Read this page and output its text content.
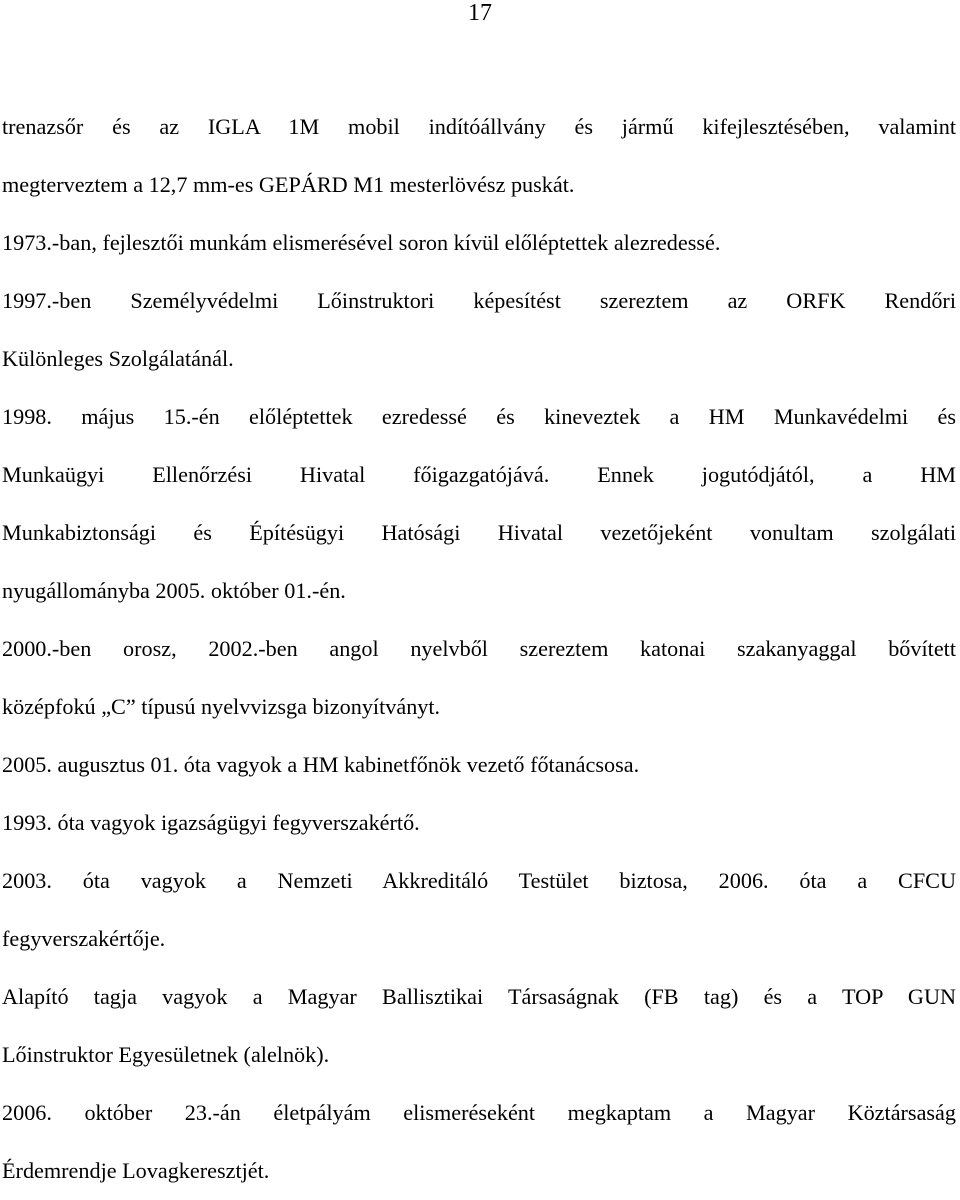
17

trenazsőr és az IGLA 1M mobil indítóállvány és jármű kifejlesztésében, valamint
megterveztem a 12,7 mm-es GEPÁRD M1 mesterlövész puskát.

1973.-ban, fejlesztői munkám elismerésével soron kívül előléptettek alezredessé.

1997.-ben Személyvédelmi Lőinstruktori képesítést szereztem az ORFK Rendőri
Különleges Szolgálatánál.

1998. május 15.-én előléptettek ezredessé és kineveztek a HM Munkavédelmi és
Munkaügyi Ellenőrzési Hivatal főigazgatójává. Ennek jogutódjától, a HM
Munkabiztonsági és Építésügyi Hatósági Hivatal vezetőjeként vonultam szolgálati
nyugállományba 2005. október 01.-én.

2000.-ben orosz, 2002.-ben angol nyelvből szereztem katonai szakanyaggal bővített
középfokú „C” típusú nyelvvizsga bizonyítványt.

2005. augusztus 01. óta vagyok a HM kabinetfőnök vezető főtanácsosa.

1993. óta vagyok igazságügyi fegyverszakértő.

2003. óta vagyok a Nemzeti Akkreditáló Testület biztosa, 2006. óta a CFCU
fegyverszakértője.

Alapító tagja vagyok a Magyar Ballisztikai Társaságnak (FB tag) és a TOP GUN
Lőinstruktor Egyesületnek (alelnök).

2006. október 23.-án életpályám elismeréseként megkaptam a Magyar Köztársaság
Érdemrendje Lovagkeresztjét.
